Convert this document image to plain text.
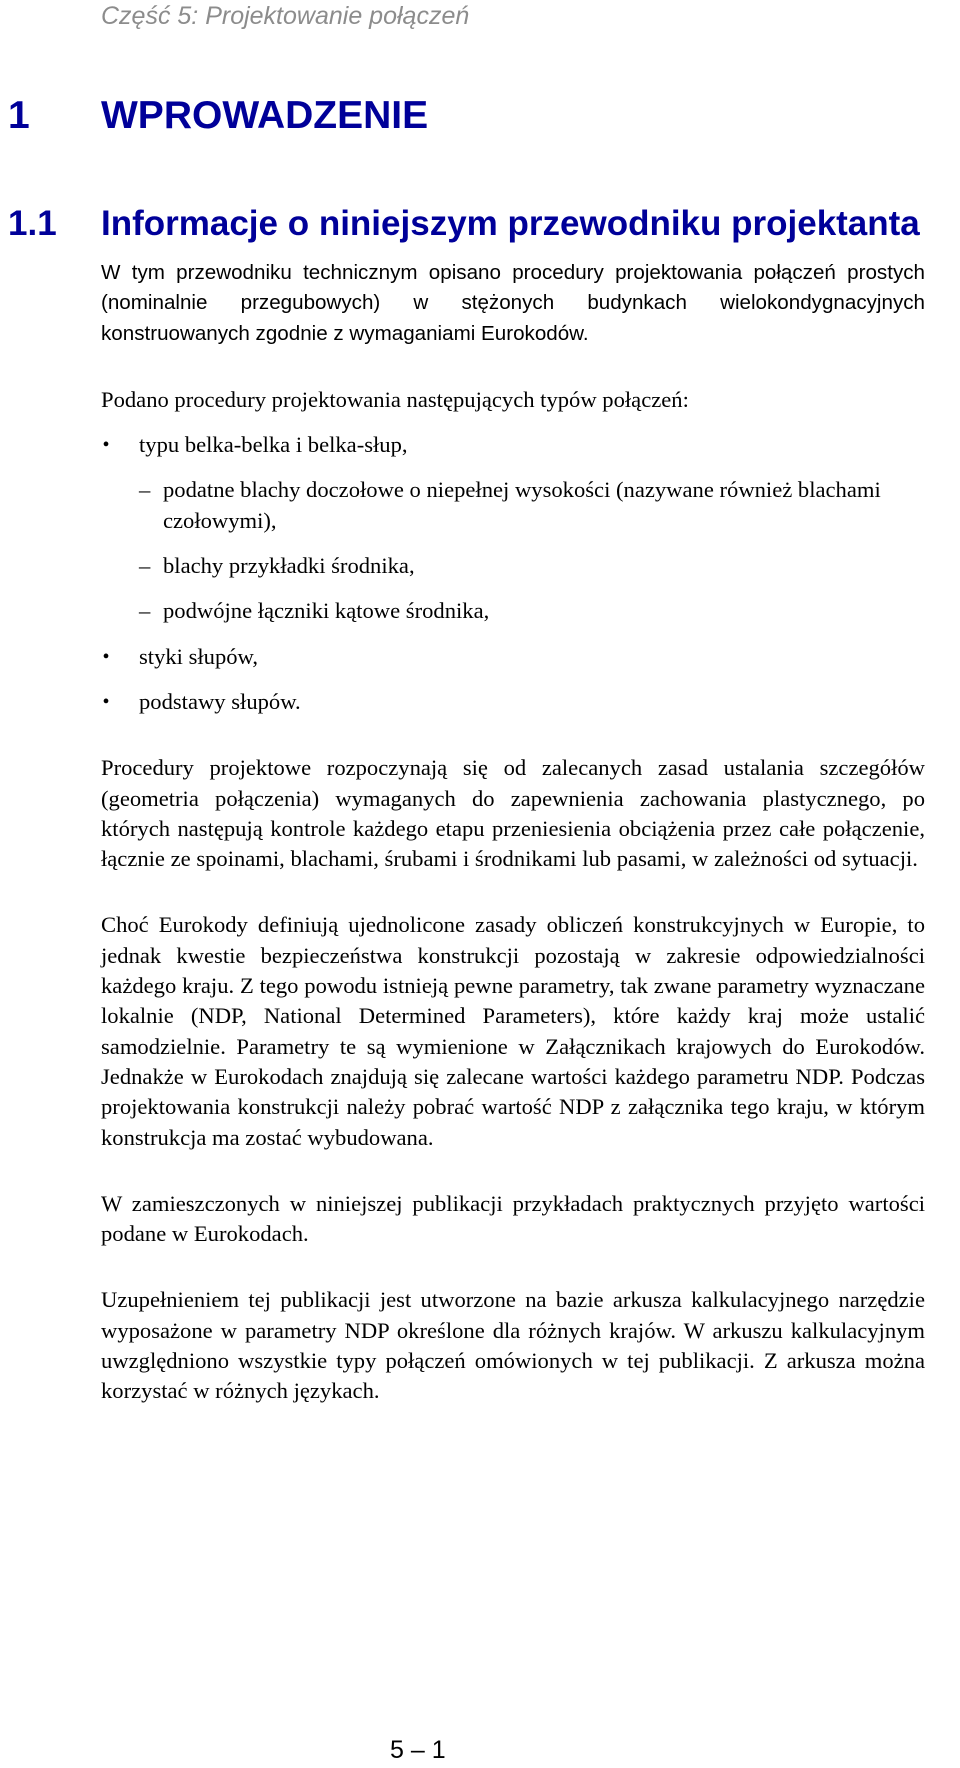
Część 5: Projektowanie połączeń
1 WPROWADZENIE
1.1 Informacje o niniejszym przewodniku projektanta

W tym przewodniku technicznym opisano procedury projektowania połączeń prostych (nominalnie przegubowych) w stężonych budynkach wielokondygnacyjnych konstruowanych zgodnie z wymaganiami Eurokodów.

Podano procedury projektowania następujących typów połączeń:

• typu belka-belka i belka-słup,
– podatne blachy doczołowe o niepełnej wysokości (nazywane również blachami czołowymi),
– blachy przykładki środnika,
– podwójne łączniki kątowe środnika,
• styki słupów,
• podstawy słupów.

Procedury projektowe rozpoczynają się od zalecanych zasad ustalania szczegółów (geometria połączenia) wymaganych do zapewnienia zachowania plastycznego, po których następują kontrole każdego etapu przeniesienia obciążenia przez całe połączenie, łącznie ze spoinami, blachami, śrubami i środnikami lub pasami, w zależności od sytuacji.

Choć Eurokody definiują ujednolicone zasady obliczeń konstrukcyjnych w Europie, to jednak kwestie bezpieczeństwa konstrukcji pozostają w zakresie odpowiedzialności każdego kraju. Z tego powodu istnieją pewne parametry, tak zwane parametry wyznaczane lokalnie (NDP, National Determined Parameters), które każdy kraj może ustalić samodzielnie. Parametry te są wymienione w Załącznikach krajowych do Eurokodów. Jednakże w Eurokodach znajdują się zalecane wartości każdego parametru NDP. Podczas projektowania konstrukcji należy pobrać wartość NDP z załącznika tego kraju, w którym konstrukcja ma zostać wybudowana.

W zamieszczonych w niniejszej publikacji przykładach praktycznych przyjęto wartości podane w Eurokodach.

Uzupełnieniem tej publikacji jest utworzone na bazie arkusza kalkulacyjnego narzędzie wyposażone w parametry NDP określone dla różnych krajów. W arkuszu kalkulacyjnym uwzględniono wszystkie typy połączeń omówionych w tej publikacji. Z arkusza można korzystać w różnych językach.

5 – 1
